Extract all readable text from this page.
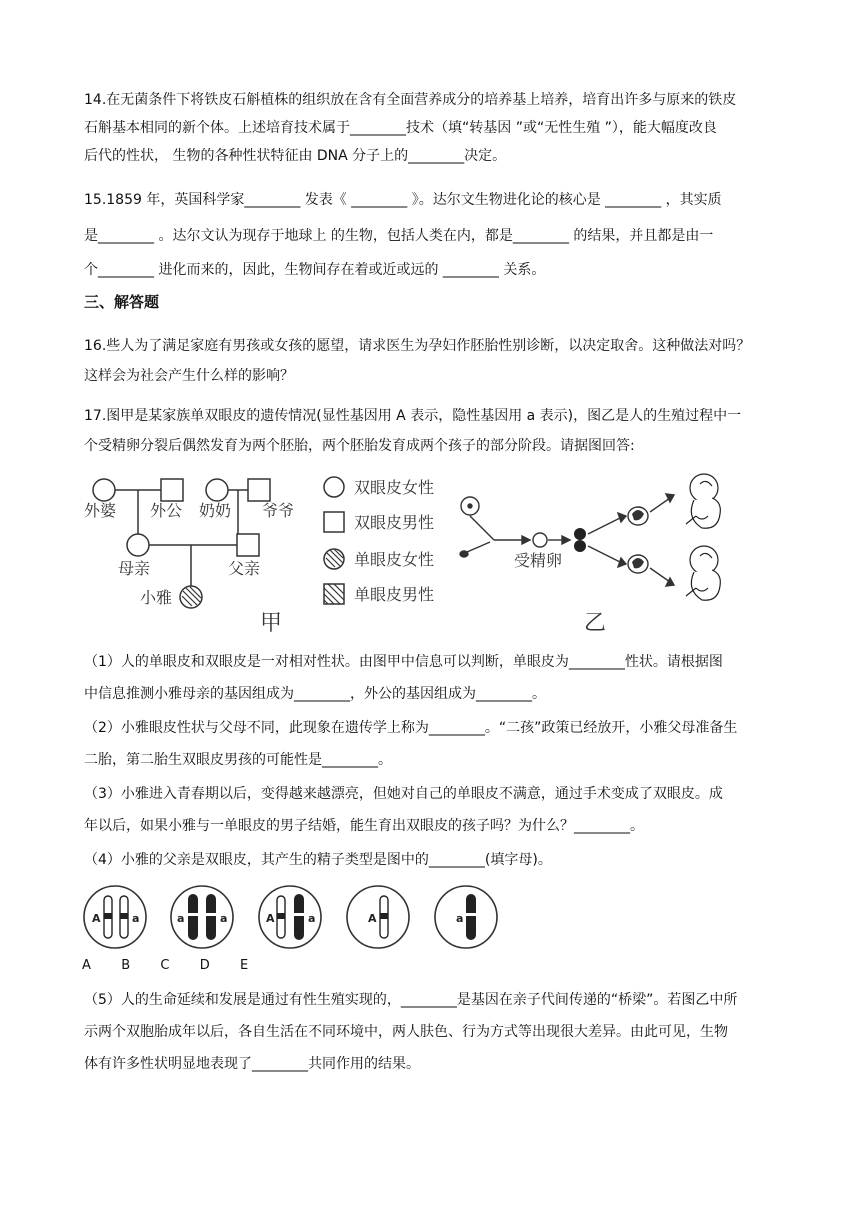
14.在无菌条件下将铁皮石斛植株的组织放在含有全面营养成分的培养基上培养，培育出许多与原来的铁皮
石斛基本相同的新个体。上述培育技术属于________技术（填“转基因 ”或“无性生殖 ”），能大幅度改良
后代的性状， 生物的各种性状特征由 DNA 分子上的________决定。
15.1859 年，英国科学家________ 发表《 ________ 》。达尔文生物进化论的核心是 ________ ，其实质
是________ 。达尔文认为现存于地球上 的生物，包括人类在内，都是________ 的结果，并且都是由一
个________ 进化而来的，因此，生物间存在着或近或远的 ________ 关系。
三、解答题
16.些人为了满足家庭有男孩或女孩的愿望，请求医生为孕妇作胚胎性别诊断，以决定取舍。这种做法对吗？
这样会为社会产生什么样的影响？
17.图甲是某家族单双眼皮的遗传情况(显性基因用 A 表示，隐性基因用 a 表示)，图乙是人的生殖过程中一
个受精卵分裂后偶然发育为两个胚胎，两个胚胎发育成两个孩子的部分阶段。请据图回答:
外婆 外公 奶奶 爷爷
母亲	父亲
小雅
双眼皮女性
双眼皮男性
单眼皮女性
单眼皮男性
甲
受精卵
乙
（1）人的单眼皮和双眼皮是一对相对性状。由图甲中信息可以判断，单眼皮为________性状。请根据图
中信息推测小雅母亲的基因组成为________，外公的基因组成为________。
（2）小雅眼皮性状与父母不同，此现象在遗传学上称为________。“二孩”政策已经放开，小雅父母准备生
二胎，第二胎生双眼皮男孩的可能性是________。
（3）小雅进入青春期以后，变得越来越漂亮，但她对自己的单眼皮不满意，通过手术变成了双眼皮。成
年以后，如果小雅与一单眼皮的男子结婚，能生育出双眼皮的孩子吗？为什么？________。
（4）小雅的父亲是双眼皮，其产生的精子类型是图中的________(填字母)。
A	a	a	a	A	a	A	a
A B C D E
（5）人的生命延续和发展是通过有性生殖实现的，________是基因在亲子代间传递的“桥梁”。若图乙中所
示两个双胞胎成年以后，各自生活在不同环境中，两人肤色、行为方式等出现很大差异。由此可见，生物
体有许多性状明显地表现了________共同作用的结果。
